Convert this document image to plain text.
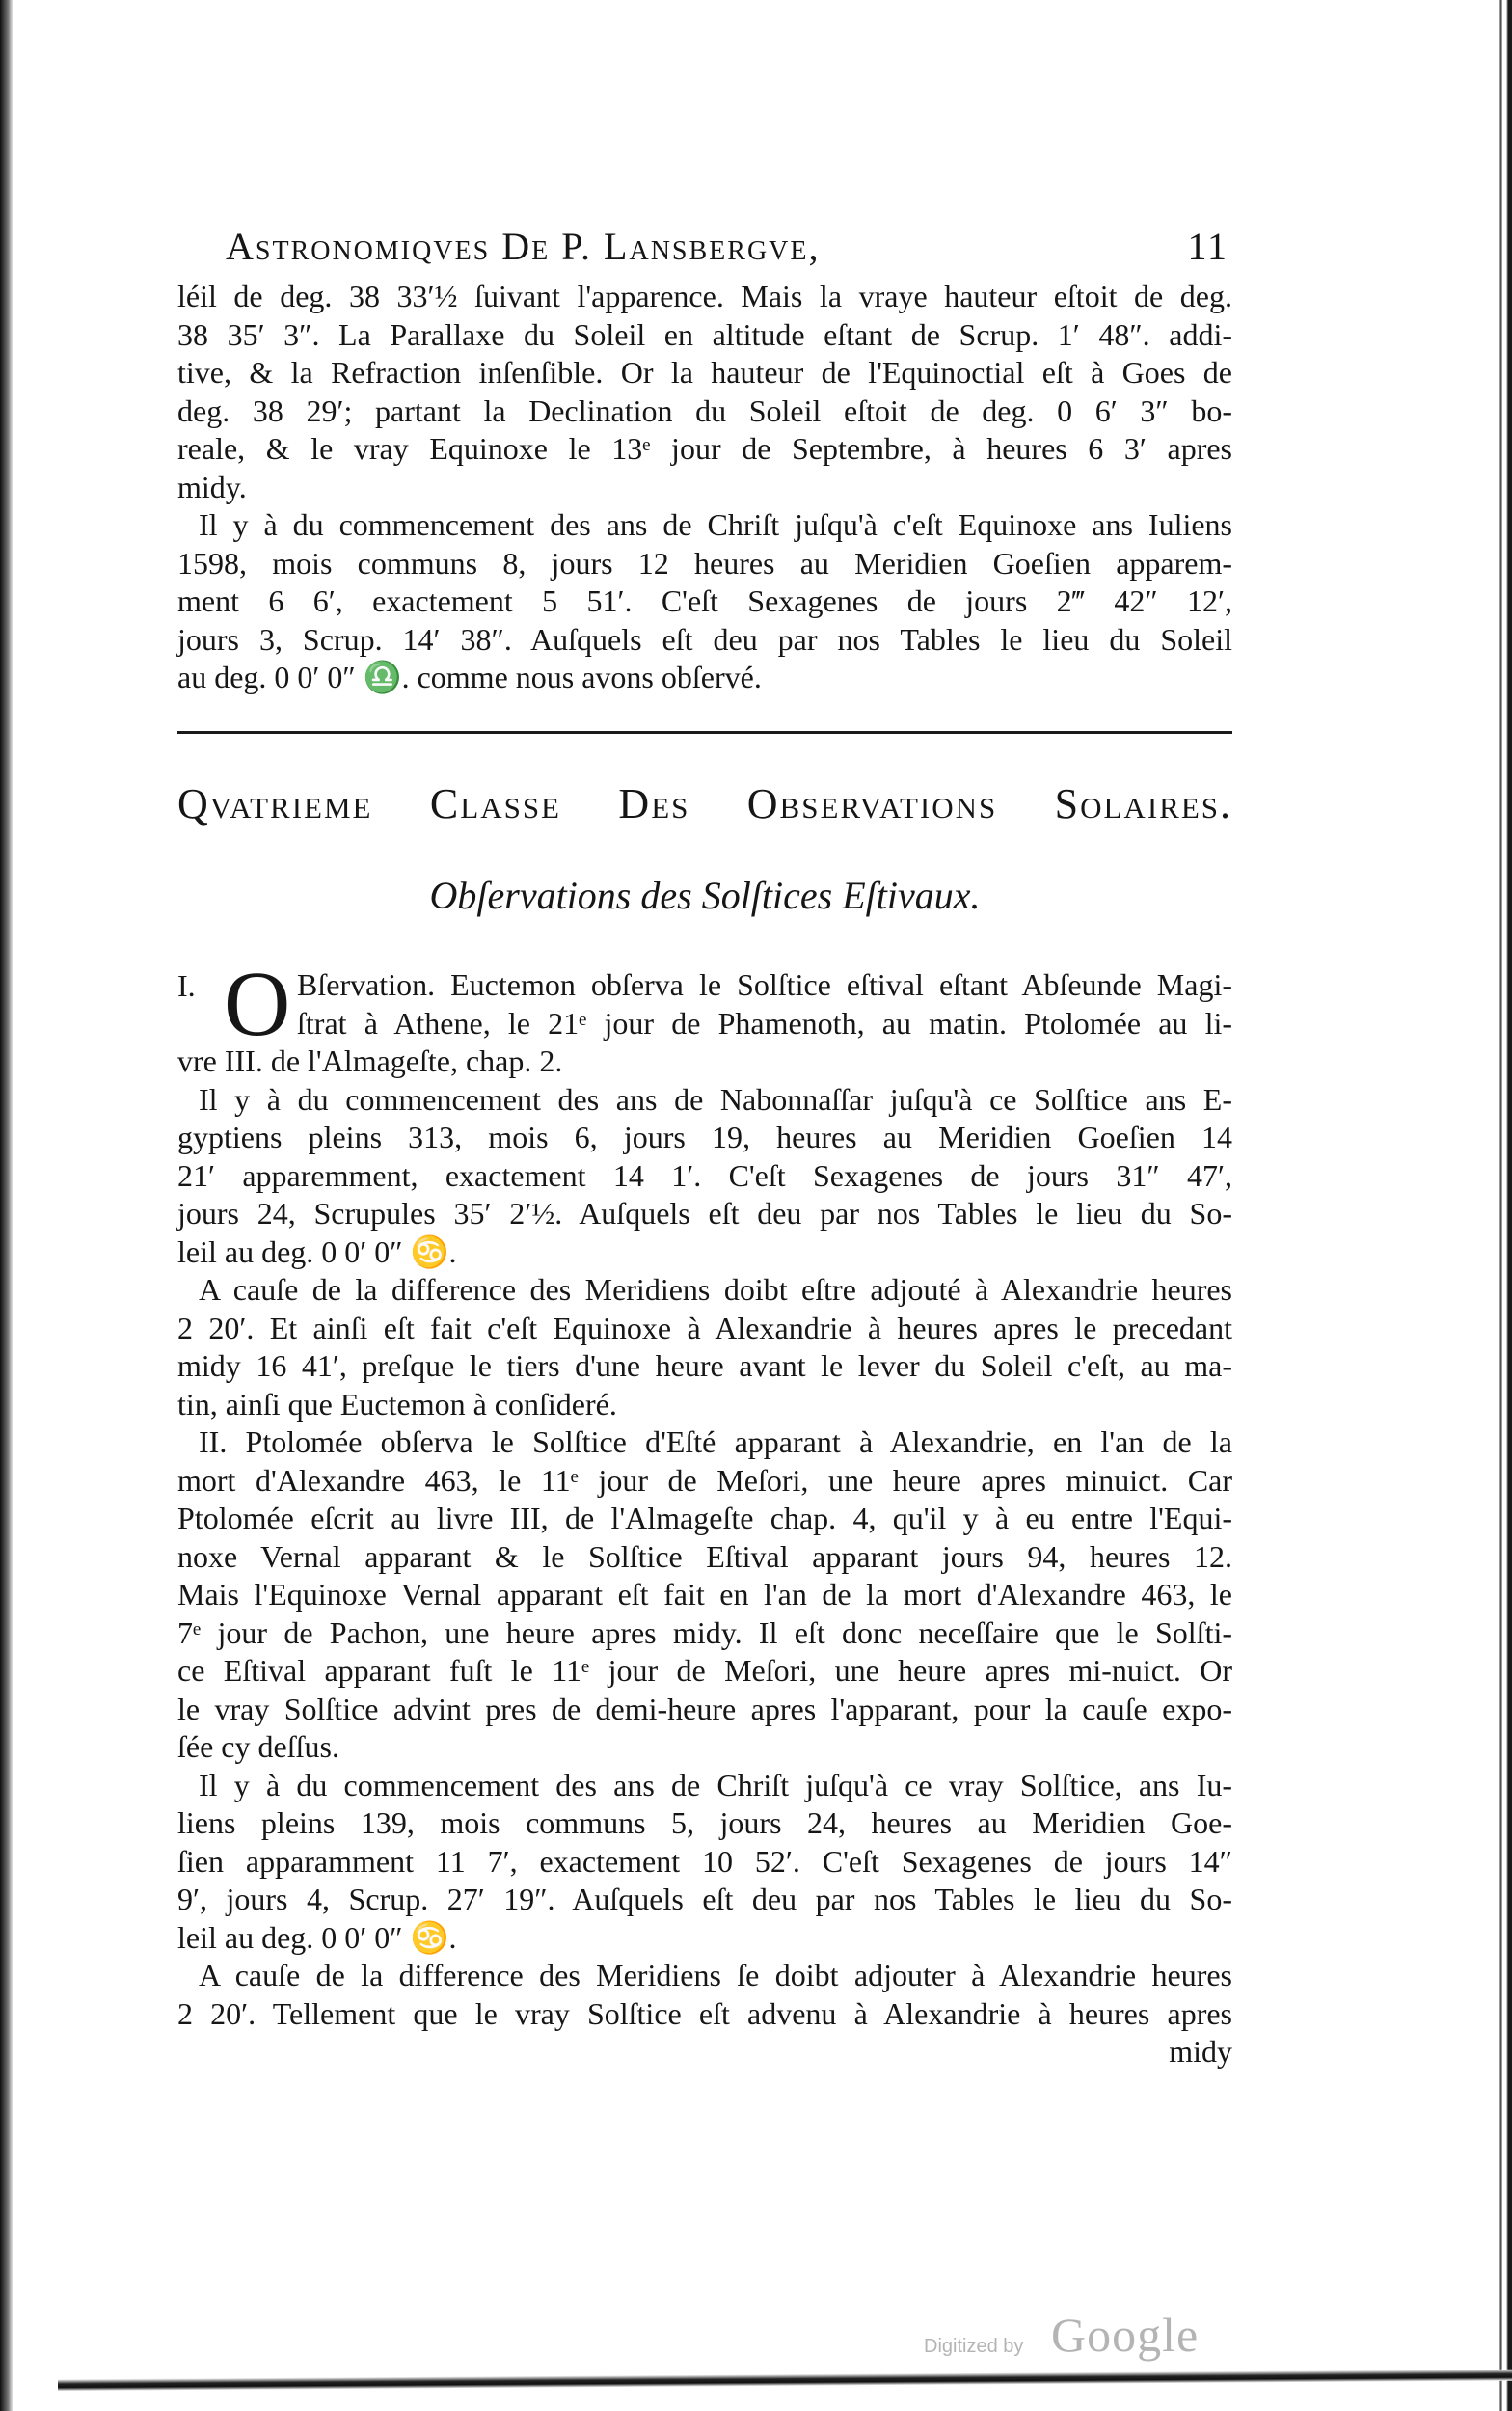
Astronomiqves De P. Lansbergve,	11
léil de deg. 38 33′½ ſuivant l'apparence. Mais la vraye hauteur eſtoit de deg.
38 35′ 3″. La Parallaxe du Soleil en altitude eſtant de Scrup. 1′ 48″. addi-
tive, & la Refraction inſenſible. Or la hauteur de l'Equinoctial eſt à Goes de
deg. 38 29′; partant la Declination du Soleil eſtoit de deg. 0 6′ 3″ bo-
reale, & le vray Equinoxe le 13ᵉ jour de Septembre, à heures 6 3′ apres
midy.
Il y à du commencement des ans de Chriſt juſqu'à c'eſt Equinoxe ans Iuliens
1598, mois communs 8, jours 12 heures au Meridien Goeſien apparem-
ment 6 6′, exactement 5 51′. C'eſt Sexagenes de jours 2‴ 42″ 12′,
jours 3, Scrup. 14′ 38″. Auſquels eſt deu par nos Tables le lieu du Soleil
au deg. 0 0′ 0″ ♎. comme nous avons obſervé.
Qvatrieme Classe Des Observations Solaires.
Obſervations des Solſtices Eſtivaux.
I. O Bſervation. Euctemon obſerva le Solſtice eſtival eſtant Abſeunde Magi-
ſtrat à Athene, le 21ᵉ jour de Phamenoth, au matin. Ptolomée au li-
vre III. de l'Almageſte, chap. 2.
Il y à du commencement des ans de Nabonnaſſar juſqu'à ce Solſtice ans E-
gyptiens pleins 313, mois 6, jours 19, heures au Meridien Goeſien 14
21′ apparemment, exactement 14 1′. C'eſt Sexagenes de jours 31″ 47′,
jours 24, Scrupules 35′ 2′½. Auſquels eſt deu par nos Tables le lieu du So-
leil au deg. 0 0′ 0″ ♋.
A cauſe de la difference des Meridiens doibt eſtre adjouté à Alexandrie heures
2 20′. Et ainſi eſt fait c'eſt Equinoxe à Alexandrie à heures apres le precedant
midy 16 41′, preſque le tiers d'une heure avant le lever du Soleil c'eſt, au ma-
tin, ainſi que Euctemon à conſideré.
II. Ptolomée obſerva le Solſtice d'Eſté apparant à Alexandrie, en l'an de la
mort d'Alexandre 463, le 11ᵉ jour de Meſori, une heure apres minuict. Car
Ptolomée eſcrit au livre III, de l'Almageſte chap. 4, qu'il y à eu entre l'Equi-
noxe Vernal apparant & le Solſtice Eſtival apparant jours 94, heures 12.
Mais l'Equinoxe Vernal apparant eſt fait en l'an de la mort d'Alexandre 463, le
7ᵉ jour de Pachon, une heure apres midy. Il eſt donc neceſſaire que le Solſti-
ce Eſtival apparant fuſt le 11ᵉ jour de Meſori, une heure apres mi-nuict. Or
le vray Solſtice advint pres de demi-heure apres l'apparant, pour la cauſe expo-
ſée cy deſſus.
Il y à du commencement des ans de Chriſt juſqu'à ce vray Solſtice, ans Iu-
liens pleins 139, mois communs 5, jours 24, heures au Meridien Goe-
ſien apparamment 11 7′, exactement 10 52′. C'eſt Sexagenes de jours 14″
9′, jours 4, Scrup. 27′ 19″. Auſquels eſt deu par nos Tables le lieu du So-
leil au deg. 0 0′ 0″ ♋.
A cauſe de la difference des Meridiens ſe doibt adjouter à Alexandrie heures
2 20′. Tellement que le vray Solſtice eſt advenu à Alexandrie à heures apres
midy
Digitized by Google
